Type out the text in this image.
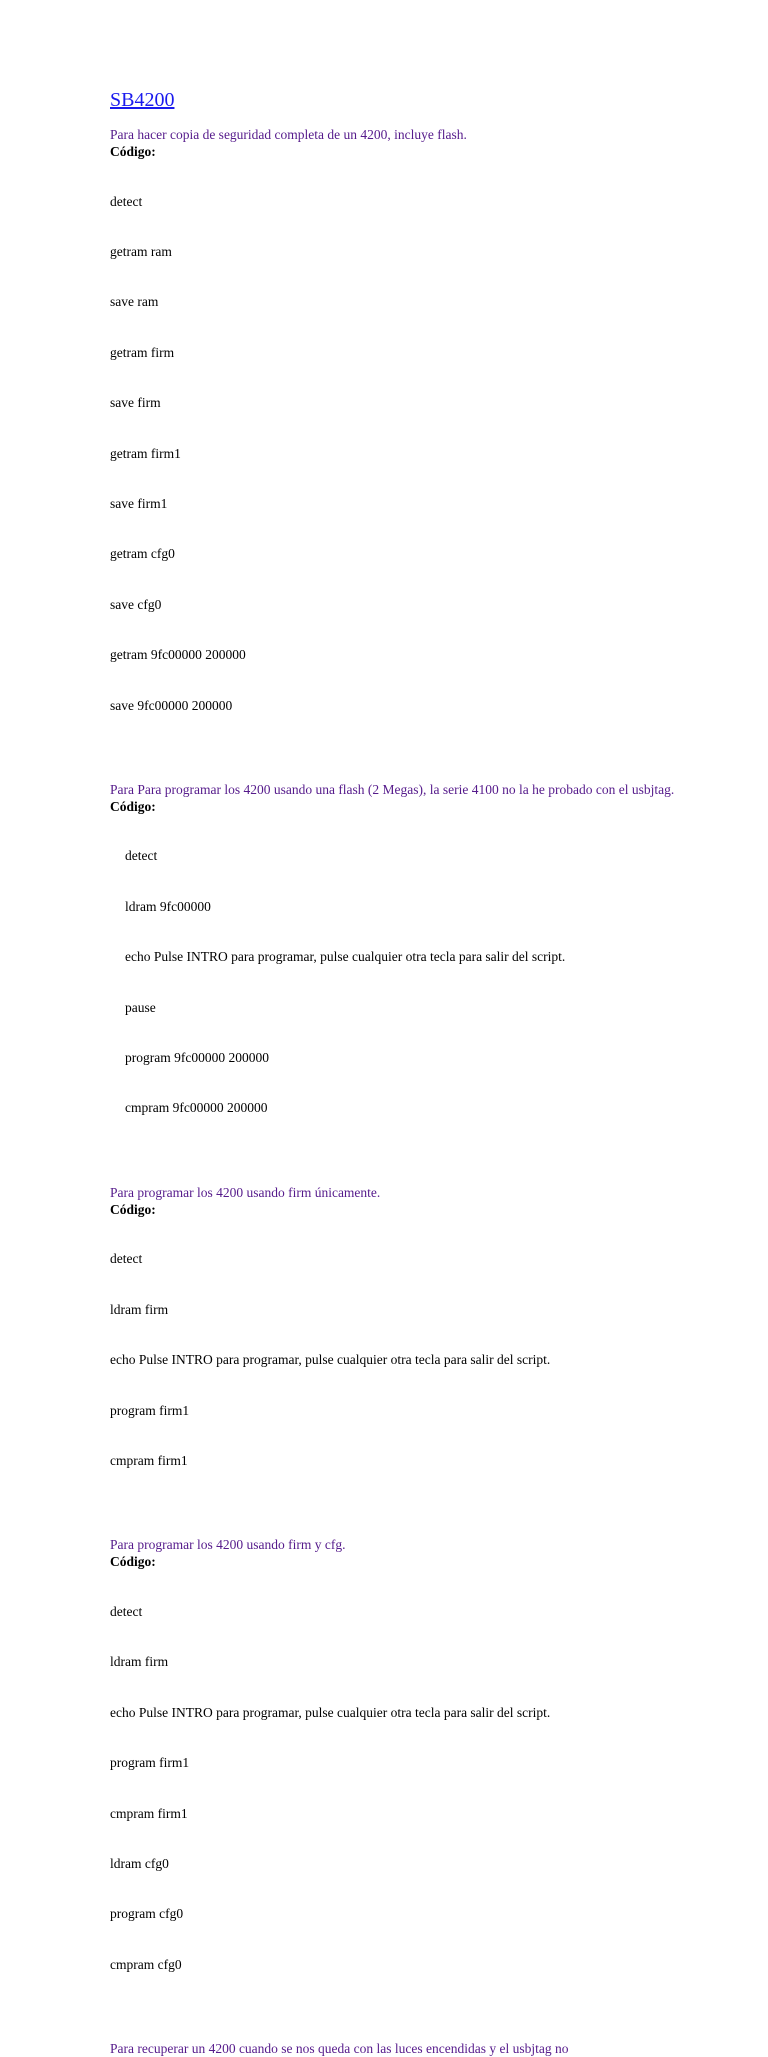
SB4200

Para hacer copia de seguridad completa de un 4200, incluye flash.

Código:

detect

getram ram

save ram

getram firm

save firm

getram firm1

save firm1

getram cfg0

save cfg0

getram 9fc00000 200000

save 9fc00000 200000

Para Para programar los 4200 usando una flash (2 Megas), la serie 4100 no la he probado con el usbjtag.

Código:

detect

ldram 9fc00000

echo Pulse INTRO para programar, pulse cualquier otra tecla para salir del script.

pause

program 9fc00000 200000

cmpram 9fc00000 200000

Para programar los 4200 usando firm únicamente.

Código:

detect

ldram firm

echo Pulse INTRO para programar, pulse cualquier otra tecla para salir del script.

program firm1

cmpram firm1

Para programar los 4200 usando firm y cfg.

Código:

detect

ldram firm

echo Pulse INTRO para programar, pulse cualquier otra tecla para salir del script.

program firm1

cmpram firm1

ldram cfg0

program cfg0

cmpram cfg0

Para recuperar un 4200 cuando se nos queda con las luces encendidas y el usbjtag no
